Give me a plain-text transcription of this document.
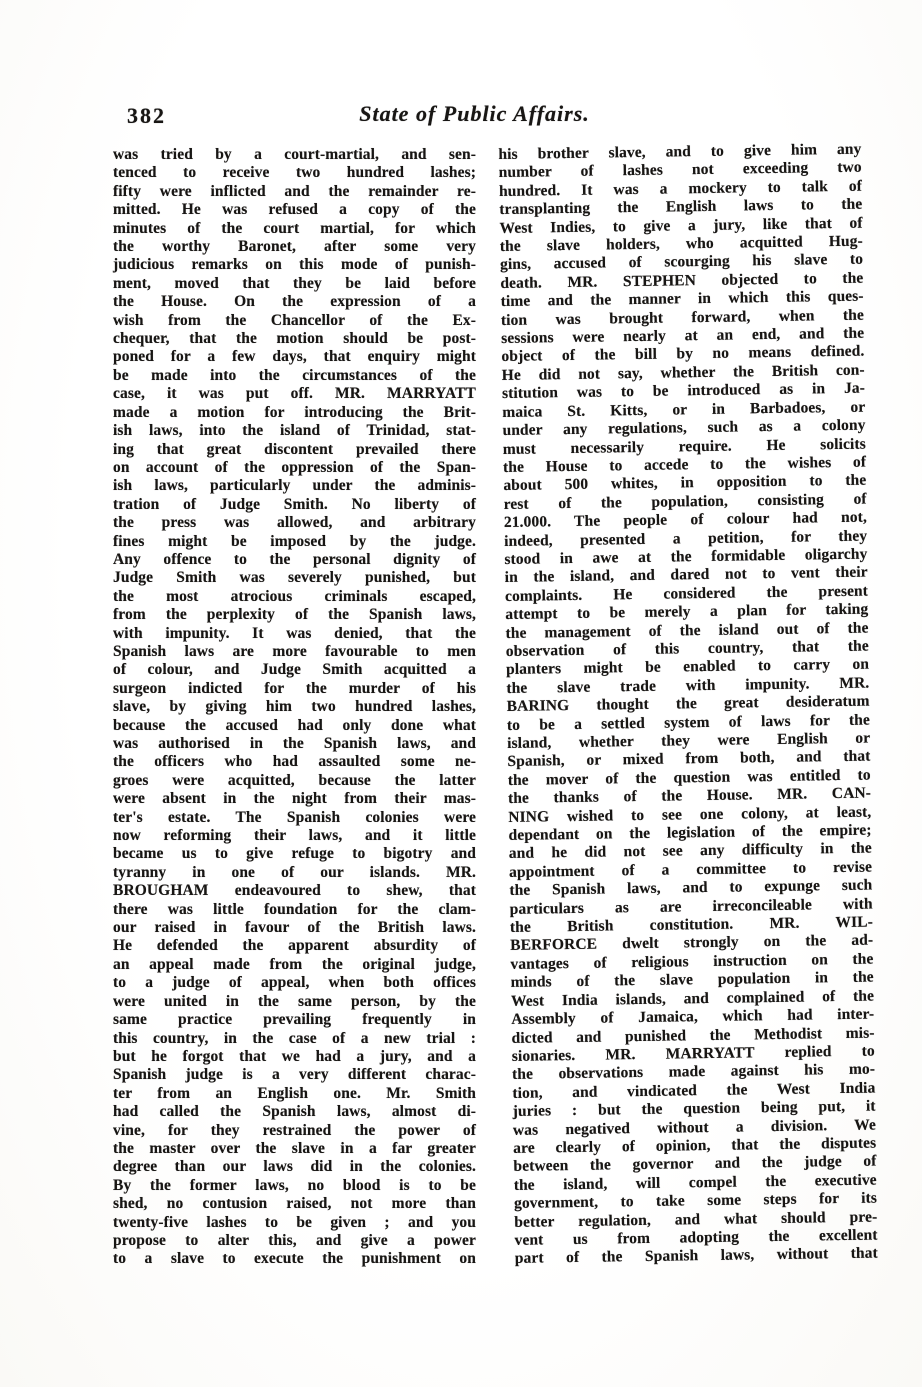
382	State of Public Affairs.
was tried by a court-martial, and sen-
tenced to receive two hundred lashes;
fifty were inflicted and the remainder re-
mitted. He was refused a copy of the
minutes of the court martial, for which
the worthy Baronet, after some very
judicious remarks on this mode of punish-
ment, moved that they be laid before
the House. On the expression of a
wish from the Chancellor of the Ex-
chequer, that the motion should be post-
poned for a few days, that enquiry might
be made into the circumstances of the
case, it was put off. MR. MARRYATT
made a motion for introducing the Brit-
ish laws, into the island of Trinidad, stat-
ing that great discontent prevailed there
on account of the oppression of the Span-
ish laws, particularly under the adminis-
tration of Judge Smith. No liberty of
the press was allowed, and arbitrary
fines might be imposed by the judge.
Any offence to the personal dignity of
Judge Smith was severely punished, but
the most atrocious criminals escaped,
from the perplexity of the Spanish laws,
with impunity. It was denied, that the
Spanish laws are more favourable to men
of colour, and Judge Smith acquitted a
surgeon indicted for the murder of his
slave, by giving him two hundred lashes,
because the accused had only done what
was authorised in the Spanish laws, and
the officers who had assaulted some ne-
groes were acquitted, because the latter
were absent in the night from their mas-
ter's estate. The Spanish colonies were
now reforming their laws, and it little
became us to give refuge to bigotry and
tyranny in one of our islands. MR.
BROUGHAM endeavoured to shew, that
there was little foundation for the clam-
our raised in favour of the British laws.
He defended the apparent absurdity of
an appeal made from the original judge,
to a judge of appeal, when both offices
were united in the same person, by the
same practice prevailing frequently in
this country, in the case of a new trial :
but he forgot that we had a jury, and a
Spanish judge is a very different charac-
ter from an English one. Mr. Smith
had called the Spanish laws, almost di-
vine, for they restrained the power of
the master over the slave in a far greater
degree than our laws did in the colonies.
By the former laws, no blood is to be
shed, no contusion raised, not more than
twenty-five lashes to be given ; and you
propose to alter this, and give a power
to a slave to execute the punishment on
his brother slave, and to give him any
number of lashes not exceeding two
hundred. It was a mockery to talk of
transplanting the English laws to the
West Indies, to give a jury, like that of
the slave holders, who acquitted Hug-
gins, accused of scourging his slave to
death. MR. STEPHEN objected to the
time and the manner in which this ques-
tion was brought forward, when the
sessions were nearly at an end, and the
object of the bill by no means defined.
He did not say, whether the British con-
stitution was to be introduced as in Ja-
maica St. Kitts, or in Barbadoes, or
under any regulations, such as a colony
must necessarily require. He solicits
the House to accede to the wishes of
about 500 whites, in opposition to the
rest of the population, consisting of
21.000. The people of colour had not,
indeed, presented a petition, for they
stood in awe at the formidable oligarchy
in the island, and dared not to vent their
complaints. He considered the present
attempt to be merely a plan for taking
the management of the island out of the
observation of this country, that the
planters might be enabled to carry on
the slave trade with impunity. MR.
BARING thought the great desideratum
to be a settled system of laws for the
island, whether they were English or
Spanish, or mixed from both, and that
the mover of the question was entitled to
the thanks of the House. MR. CAN-
NING wished to see one colony, at least,
dependant on the legislation of the empire;
and he did not see any difficulty in the
appointment of a committee to revise
the Spanish laws, and to expunge such
particulars as are irreconcileable with
the British constitution. MR. WIL-
BERFORCE dwelt strongly on the ad-
vantages of religious instruction on the
minds of the slave population in the
West India islands, and complained of the
Assembly of Jamaica, which had inter-
dicted and punished the Methodist mis-
sionaries. MR. MARRYATT replied to
the observations made against his mo-
tion, and vindicated the West India
juries : but the question being put, it
was negatived without a division. We
are clearly of opinion, that the disputes
between the governor and the judge of
the island, will compel the executive
government, to take some steps for its
better regulation, and what should pre-
vent us from adopting the excellent
part of the Spanish laws, without that
